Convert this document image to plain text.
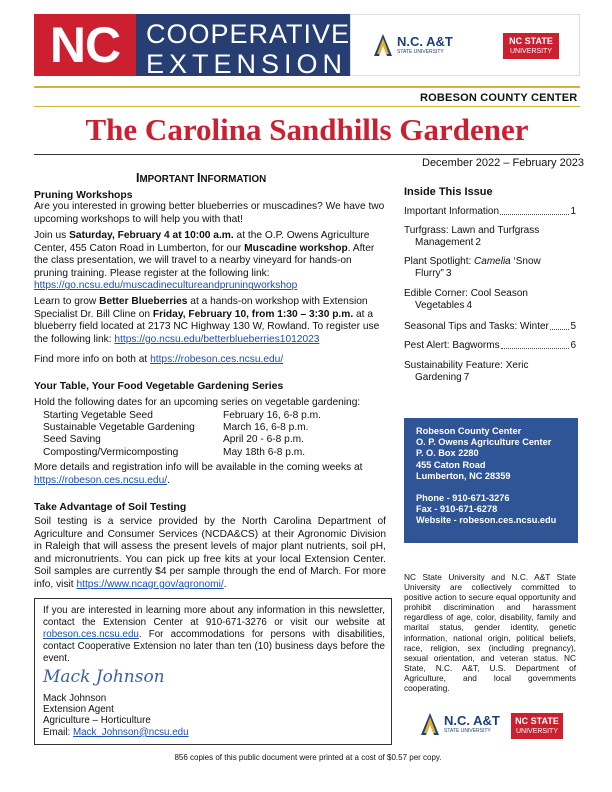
NC COOPERATIVE
EXTENSION
N.C. A&T
STATE UNIVERSITY
NC STATE
UNIVERSITY
ROBESON COUNTY CENTER
The Carolina Sandhills Gardener
December 2022 – February 2023
IMPORTANT INFORMATION
Pruning Workshops
Are you interested in growing better blueberries or muscadines? We have two upcoming workshops to will help you with that!
Join us Saturday, February 4 at 10:00 a.m. at the O.P. Owens Agriculture Center, 455 Caton Road in Lumberton, for our Muscadine workshop. After the class presentation, we will travel to a nearby vineyard for hands-on pruning training. Please register at the following link: https://go.ncsu.edu/muscadinecultureandpruningworkshop
Learn to grow Better Blueberries at a hands-on workshop with Extension Specialist Dr. Bill Cline on Friday, February 10, from 1:30 – 3:30 p.m. at a blueberry field located at 2173 NC Highway 130 W, Rowland. To register use the following link: https://go.ncsu.edu/betterblueberries1012023
Find more info on both at https://robeson.ces.ncsu.edu/
Your Table, Your Food Vegetable Gardening Series
Hold the following dates for an upcoming series on vegetable gardening:
Starting Vegetable Seed	February 16, 6-8 p.m.
Sustainable Vegetable Gardening	March 16, 6-8 p.m.
Seed Saving	April 20 - 6-8 p.m.
Composting/Vermicomposting	May 18th 6-8 p.m.
More details and registration info will be available in the coming weeks at https://robeson.ces.ncsu.edu/.
Take Advantage of Soil Testing
Soil testing is a service provided by the North Carolina Department of Agriculture and Consumer Services (NCDA&CS) at their Agronomic Division in Raleigh that will assess the present levels of major plant nutrients, soil pH, and micronutrients. You can pick up free kits at your local Extension Center. Soil samples are currently $4 per sample through the end of March. For more info, visit https://www.ncagr.gov/agronomi/.
If you are interested in learning more about any information in this newsletter, contact the Extension Center at 910-671-3276 or visit our website at robeson.ces.ncsu.edu. For accommodations for persons with disabilities, contact Cooperative Extension no later than ten (10) business days before the event.
Mack Johnson
Mack Johnson
Extension Agent
Agriculture – Horticulture
Email: Mack_Johnson@ncsu.edu
Inside This Issue
Important Information	1
Turfgrass: Lawn and Turfgrass
Management 2
Plant Spotlight: Camelia ‘Snow
Flurry” 3
Edible Corner: Cool Season
Vegetables 4
Seasonal Tips and Tasks: Winter 5
Pest Alert: Bagworms	6
Sustainability Feature: Xeric
Gardening 7
Robeson County Center
O. P. Owens Agriculture Center
P. O. Box 2280
455 Caton Road
Lumberton, NC 28359
Phone - 910-671-3276
Fax - 910-671-6278
Website - robeson.ces.ncsu.edu
NC State University and N.C. A&T State University are collectively committed to positive action to secure equal opportunity and prohibit discrimination and harassment regardless of age, color, disability, family and marital status, gender identity, genetic information, national origin, political beliefs, race, religion, sex (including pregnancy), sexual orientation, and veteran status. NC State, N.C. A&T, U.S. Department of Agriculture, and local governments cooperating.
N.C. A&T
STATE UNIVERSITY
NC STATE
UNIVERSITY
856 copies of this public document were printed at a cost of $0.57 per copy.
